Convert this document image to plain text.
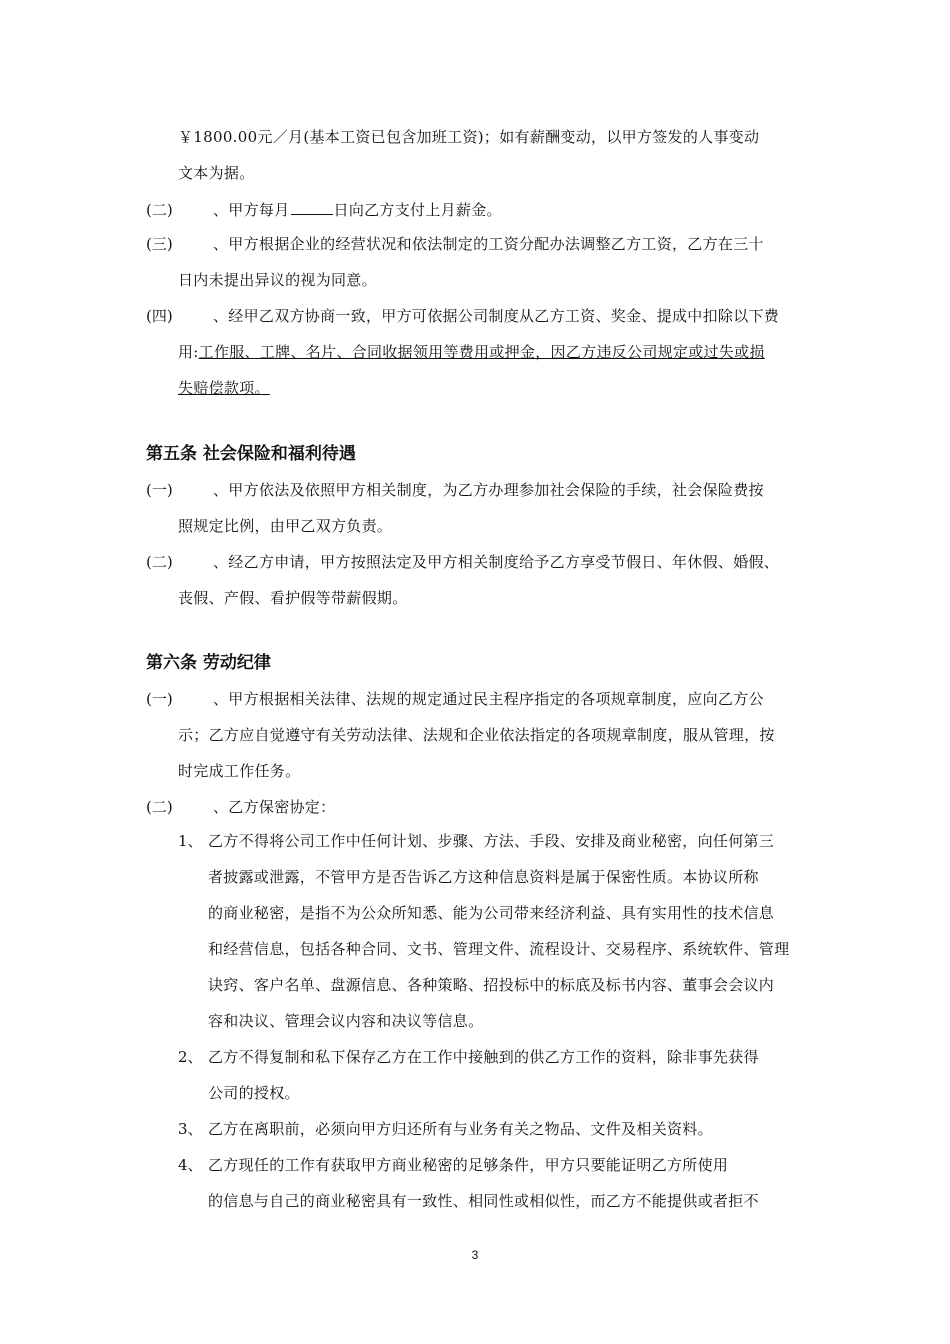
￥1800.00元／月(基本工资已包含加班工资)；如有薪酬变动，以甲方签发的人事变动
文本为据。
(二)	、甲方每月	日向乙方支付上月薪金。
(三)	、甲方根据企业的经营状况和依法制定的工资分配办法调整乙方工资，乙方在三十
日内未提出异议的视为同意。
(四)	、经甲乙双方协商一致，甲方可依据公司制度从乙方工资、奖金、提成中扣除以下费
用:工作服、工牌、名片、合同收据领用等费用或押金，因乙方违反公司规定或过失或损
失赔偿款项。
第五条 社会保险和福利待遇
(一)	、甲方依法及依照甲方相关制度，为乙方办理参加社会保险的手续，社会保险费按
照规定比例，由甲乙双方负责。
(二)	、经乙方申请，甲方按照法定及甲方相关制度给予乙方享受节假日、年休假、婚假、
丧假、产假、看护假等带薪假期。
第六条 劳动纪律
(一)	、甲方根据相关法律、法规的规定通过民主程序指定的各项规章制度，应向乙方公
示；乙方应自觉遵守有关劳动法律、法规和企业依法指定的各项规章制度，服从管理，按
时完成工作任务。
(二)	、乙方保密协定：
1、 乙方不得将公司工作中任何计划、步骤、方法、手段、安排及商业秘密，向任何第三
者披露或泄露，不管甲方是否告诉乙方这种信息资料是属于保密性质。本协议所称
的商业秘密，是指不为公众所知悉、能为公司带来经济利益、具有实用性的技术信息
和经营信息，包括各种合同、文书、管理文件、流程设计、交易程序、系统软件、管理
诀窍、客户名单、盘源信息、各种策略、招投标中的标底及标书内容、董事会会议内
容和决议、管理会议内容和决议等信息。
2、 乙方不得复制和私下保存乙方在工作中接触到的供乙方工作的资料，除非事先获得
公司的授权。
3、 乙方在离职前，必须向甲方归还所有与业务有关之物品、文件及相关资料。
4、 乙方现任的工作有获取甲方商业秘密的足够条件，甲方只要能证明乙方所使用
的信息与自己的商业秘密具有一致性、相同性或相似性，而乙方不能提供或者拒不
3
